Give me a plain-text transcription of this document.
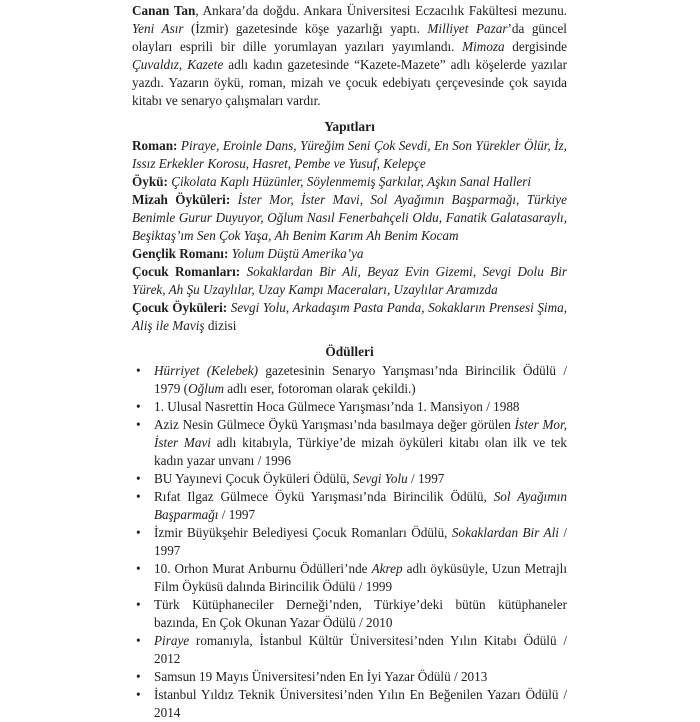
Canan Tan, Ankara’da doğdu. Ankara Üniversitesi Eczacılık Fakültesi mezunu. Yeni Asır (İzmir) gazetesinde köşe yazarlığı yaptı. Milliyet Pazar’da güncel olayları esprili bir dille yorumlayan yazıları yayımlandı. Mimoza dergisinde Çuvaldız, Kazete adlı kadın gazetesinde “Kazete-Mazete” adlı köşelerde yazılar yazdı. Yazarın öykü, roman, mizah ve çocuk edebiyatı çerçevesinde çok sayıda kitabı ve senaryo çalışmaları vardır.

Yapıtları

Roman: Piraye, Eroinle Dans, Yüreğim Seni Çok Sevdi, En Son Yürekler Ölür, İz, Issız Erkekler Korosu, Hasret, Pembe ve Yusuf, Kelepçe

Öykü: Çikolata Kaplı Hüzünler, Söylenmemiş Şarkılar, Aşkın Sanal Halleri

Mizah Öyküleri: İster Mor, İster Mavi, Sol Ayağımın Başparmağı, Türkiye Benimle Gurur Duyuyor, Oğlum Nasıl Fenerbahçeli Oldu, Fanatik Galatasaraylı, Beşiktaş’ım Sen Çok Yaşa, Ah Benim Karım Ah Benim Kocam

Gençlik Romanı: Yolum Düştü Amerika’ya

Çocuk Romanları: Sokaklardan Bir Ali, Beyaz Evin Gizemi, Sevgi Dolu Bir Yürek, Ah Şu Uzaylılar, Uzay Kampı Maceraları, Uzaylılar Aramızda

Çocuk Öyküleri: Sevgi Yolu, Arkadaşım Pasta Panda, Sokakların Prensesi Şima, Aliş ile Maviş dizisi

Ödülleri
• Hürriyet (Kelebek) gazetesinin Senaryo Yarışması’nda Birincilik Ödülü / 1979 (Oğlum adlı eser, fotoroman olarak çekildi.)
• 1. Ulusal Nasrettin Hoca Gülmece Yarışması’nda 1. Mansiyon / 1988
• Aziz Nesin Gülmece Öykü Yarışması’nda basılmaya değer görülen İster Mor, İster Mavi adlı kitabıyla, Türkiye’de mizah öyküleri kitabı olan ilk ve tek kadın yazar unvanı / 1996
• BU Yayınevi Çocuk Öyküleri Ödülü, Sevgi Yolu / 1997
• Rıfat Ilgaz Gülmece Öykü Yarışması’nda Birincilik Ödülü, Sol Ayağımın Başparmağı / 1997
• İzmir Büyükşehir Belediyesi Çocuk Romanları Ödülü, Sokaklardan Bir Ali / 1997
• 10. Orhon Murat Arıburnu Ödülleri’nde Akrep adlı öyküsüyle, Uzun Metrajlı Film Öyküsü dalında Birincilik Ödülü / 1999
• Türk Kütüphaneciler Derneği’nden, Türkiye’deki bütün kütüphaneler bazında, En Çok Okunan Yazar Ödülü / 2010
• Piraye romanıyla, İstanbul Kültür Üniversitesi’nden Yılın Kitabı Ödülü / 2012
• Samsun 19 Mayıs Üniversitesi’nden En İyi Yazar Ödülü / 2013
• İstanbul Yıldız Teknik Üniversitesi’nden Yılın En Beğenilen Yazarı Ödülü / 2014
